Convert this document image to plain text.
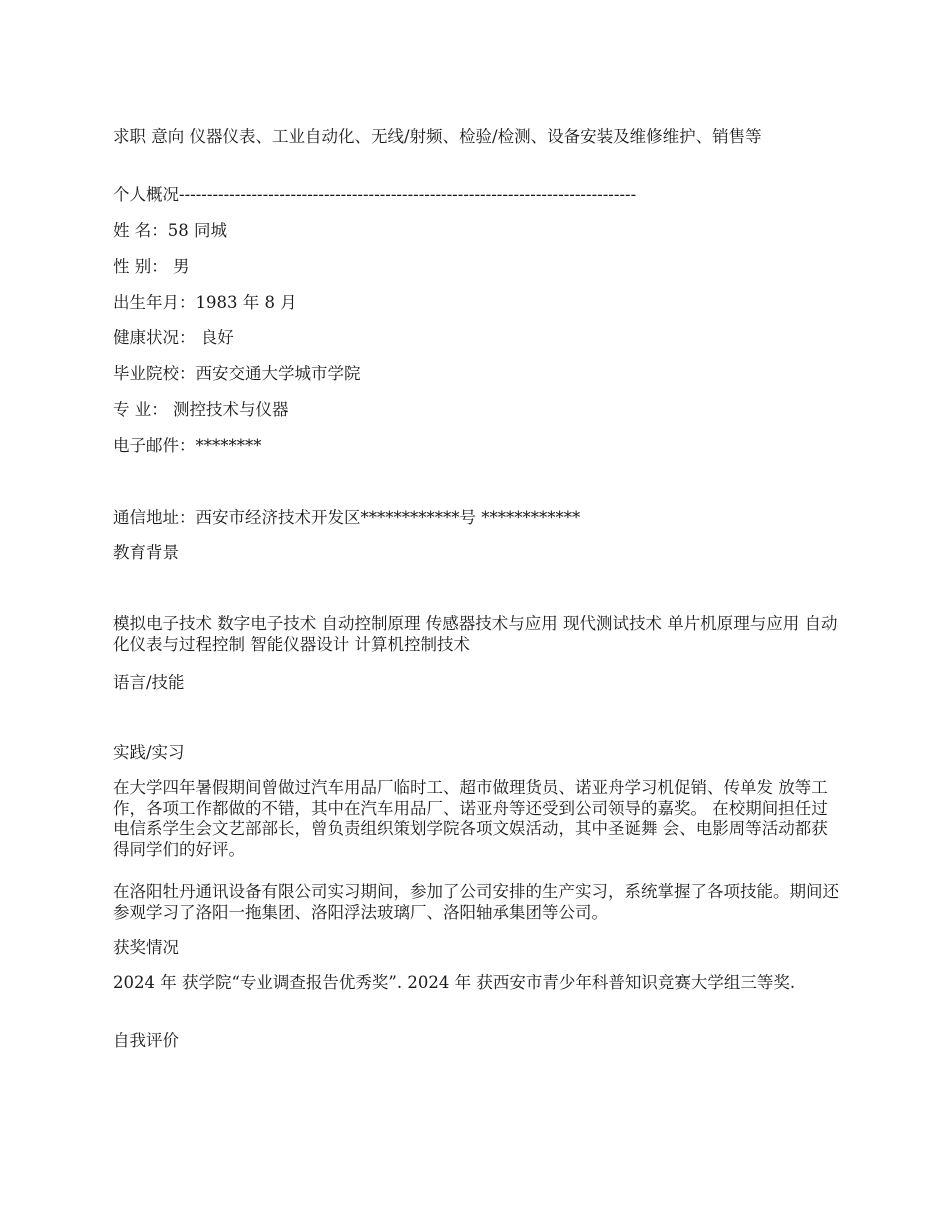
求职 意向 仪器仪表、工业自动化、无线/射频、检验/检测、设备安装及维修维护、销售等
个人概况----------------------------------------------------------------------------------
姓 名：58 同城
性 别： 男
出生年月：1983 年 8 月
健康状况： 良好
毕业院校：西安交通大学城市学院
专 业： 测控技术与仪器
电子邮件：********
通信地址：西安市经济技术开发区************号 ************
教育背景
模拟电子技术 数字电子技术 自动控制原理 传感器技术与应用 现代测试技术 单片机原理与应用 自动化仪表与过程控制 智能仪器设计 计算机控制技术
语言/技能
实践/实习
在大学四年暑假期间曾做过汽车用品厂临时工、超市做理货员、诺亚舟学习机促销、传单发 放等工作，各项工作都做的不错，其中在汽车用品厂、诺亚舟等还受到公司领导的嘉奖。 在校期间担任过电信系学生会文艺部部长，曾负责组织策划学院各项文娱活动，其中圣诞舞 会、电影周等活动都获得同学们的好评。
在洛阳牡丹通讯设备有限公司实习期间，参加了公司安排的生产实习，系统掌握了各项技能。期间还参观学习了洛阳一拖集团、洛阳浮法玻璃厂、洛阳轴承集团等公司。
获奖情况
2024 年 获学院“专业调查报告优秀奖”. 2024 年 获西安市青少年科普知识竞赛大学组三等奖.
自我评价
